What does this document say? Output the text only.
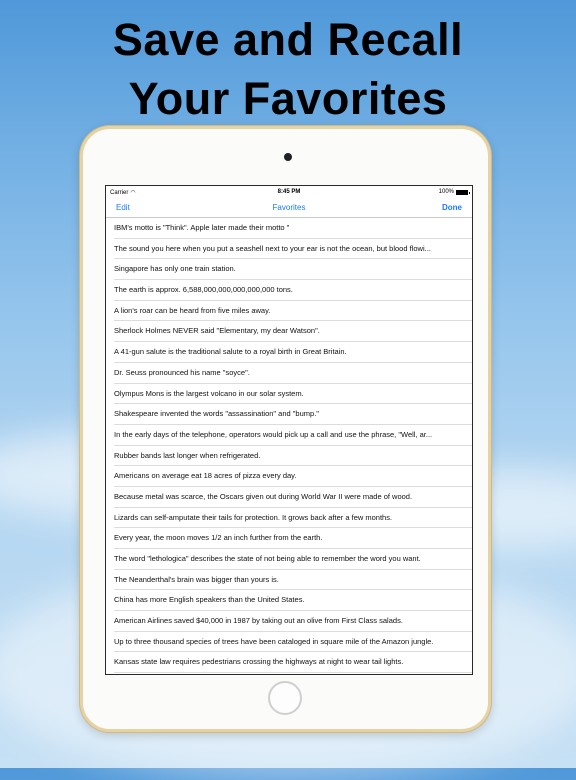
Save and Recall
Your Favorites
Carrier ◠	8:45 PM	100%
Edit	Favorites	Done
IBM's motto is "Think". Apple later made their motto "
The sound you here when you put a seashell next to your ear is not the ocean, but blood flowi...
Singapore has only one train station.
The earth is approx. 6,588,000,000,000,000,000 tons.
A lion's roar can be heard from five miles away.
Sherlock Holmes NEVER said "Elementary, my dear Watson".
A 41-gun salute is the traditional salute to a royal birth in Great Britain.
Dr. Seuss pronounced his name "soyce".
Olympus Mons is the largest volcano in our solar system.
Shakespeare invented the words "assassination" and "bump."
In the early days of the telephone, operators would pick up a call and use the phrase, "Well, ar...
Rubber bands last longer when refrigerated.
Americans on average eat 18 acres of pizza every day.
Because metal was scarce, the Oscars given out during World War II were made of wood.
Lizards can self-amputate their tails for protection. It grows back after a few months.
Every year, the moon moves 1/2 an inch further from the earth.
The word "lethologica" describes the state of not being able to remember the word you want.
The Neanderthal's brain was bigger than yours is.
China has more English speakers than the United States.
American Airlines saved $40,000 in 1987 by taking out an olive from First Class salads.
Up to three thousand species of trees have been cataloged in square mile of the Amazon jungle.
Kansas state law requires pedestrians crossing the highways at night to wear tail lights.
